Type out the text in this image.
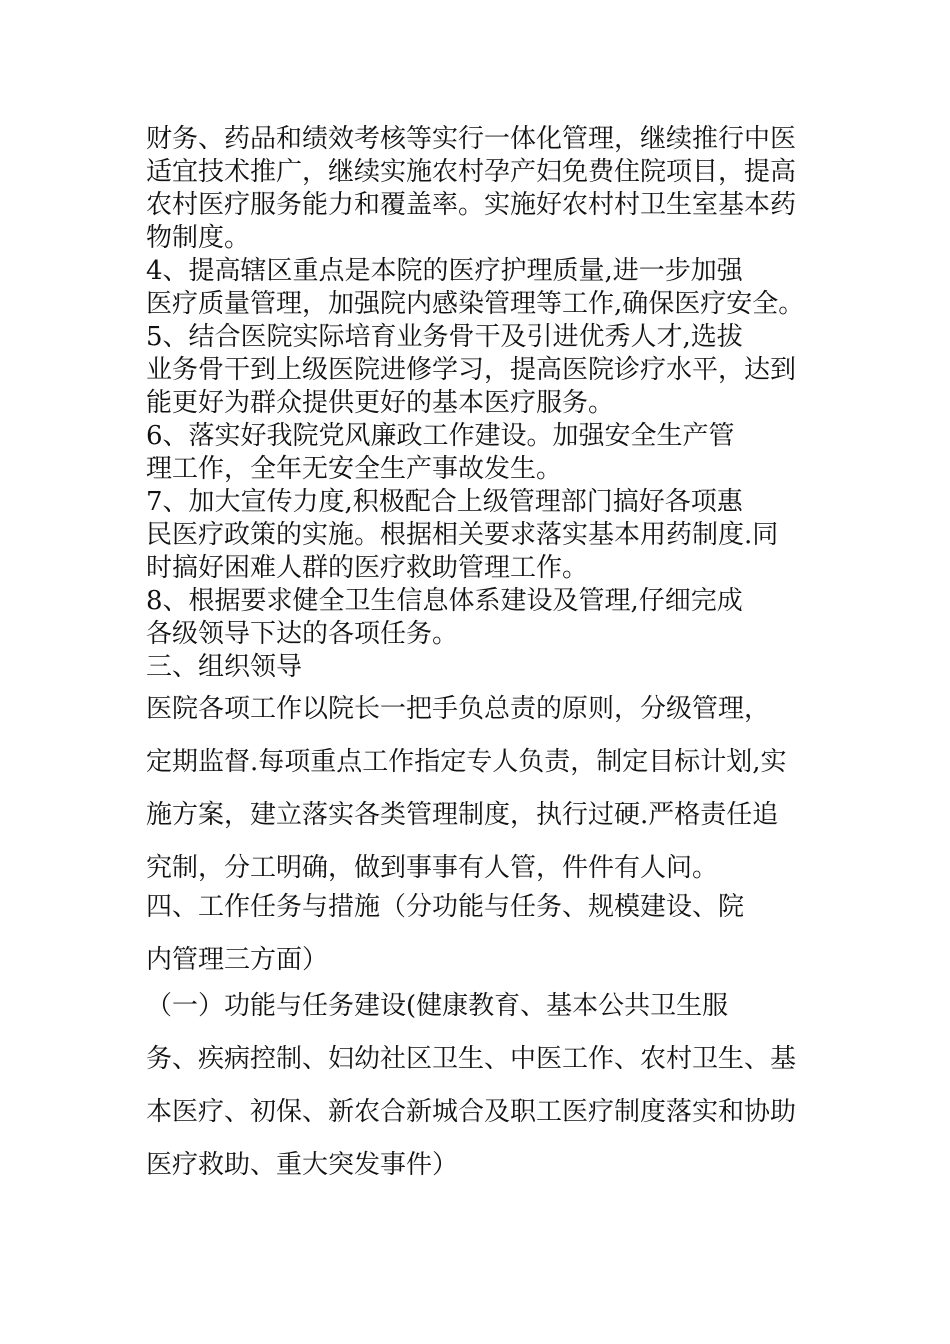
财务、药品和绩效考核等实行一体化管理，继续推行中医
适宜技术推广，继续实施农村孕产妇免费住院项目，提高
农村医疗服务能力和覆盖率。实施好农村村卫生室基本药
物制度。
4、提高辖区重点是本院的医疗护理质量,进一步加强
医疗质量管理，加强院内感染管理等工作,确保医疗安全。
5、结合医院实际培育业务骨干及引进优秀人才,选拔
业务骨干到上级医院进修学习，提高医院诊疗水平，达到
能更好为群众提供更好的基本医疗服务。
6、落实好我院党风廉政工作建设。加强安全生产管
理工作，全年无安全生产事故发生。
7、加大宣传力度,积极配合上级管理部门搞好各项惠
民医疗政策的实施。根据相关要求落实基本用药制度.同
时搞好困难人群的医疗救助管理工作。
8、根据要求健全卫生信息体系建设及管理,仔细完成
各级领导下达的各项任务。
三、组织领导
医院各项工作以院长一把手负总责的原则，分级管理，
定期监督.每项重点工作指定专人负责，制定目标计划,实
施方案，建立落实各类管理制度，执行过硬.严格责任追
究制，分工明确，做到事事有人管，件件有人问。
四、工作任务与措施（分功能与任务、规模建设、院
内管理三方面）
（一）功能与任务建设(健康教育、基本公共卫生服
务、疾病控制、妇幼社区卫生、中医工作、农村卫生、基
本医疗、初保、新农合新城合及职工医疗制度落实和协助
医疗救助、重大突发事件）
